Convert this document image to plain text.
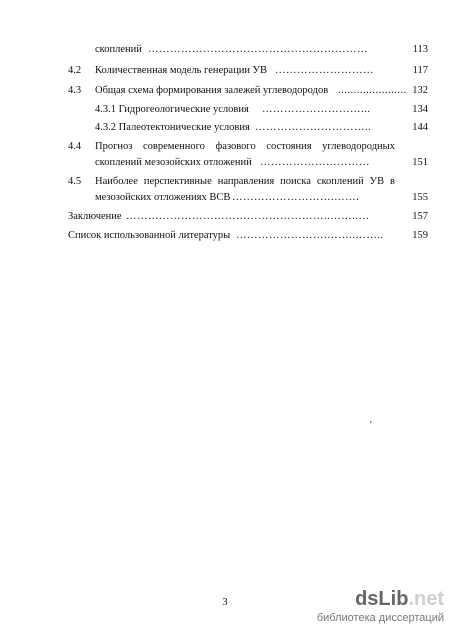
скоплений ……………………………………………………	113
4.2 Количественная модель генерации УВ ………………………	117
4.3 Общая схема формирования залежей углеводородов ...................... 132
4.3.1 Гидрогеологические условия ………………………...	134
4.3.2 Палеотектонические условия …………………………..	144
4.4 Прогноз современного фазового состояния углеводородных
скоплений мезозойских отложений …………………………	151
4.5 Наиболее перспективные направления поиска скоплений УВ в
мезозойских отложениях ВСВ ……………………….…….	155
Заключение ………………………………………………..……..…	157
Список использованной литературы …………………….……..……..	159
'
3	dsLib.net
библиотека диссертаций
